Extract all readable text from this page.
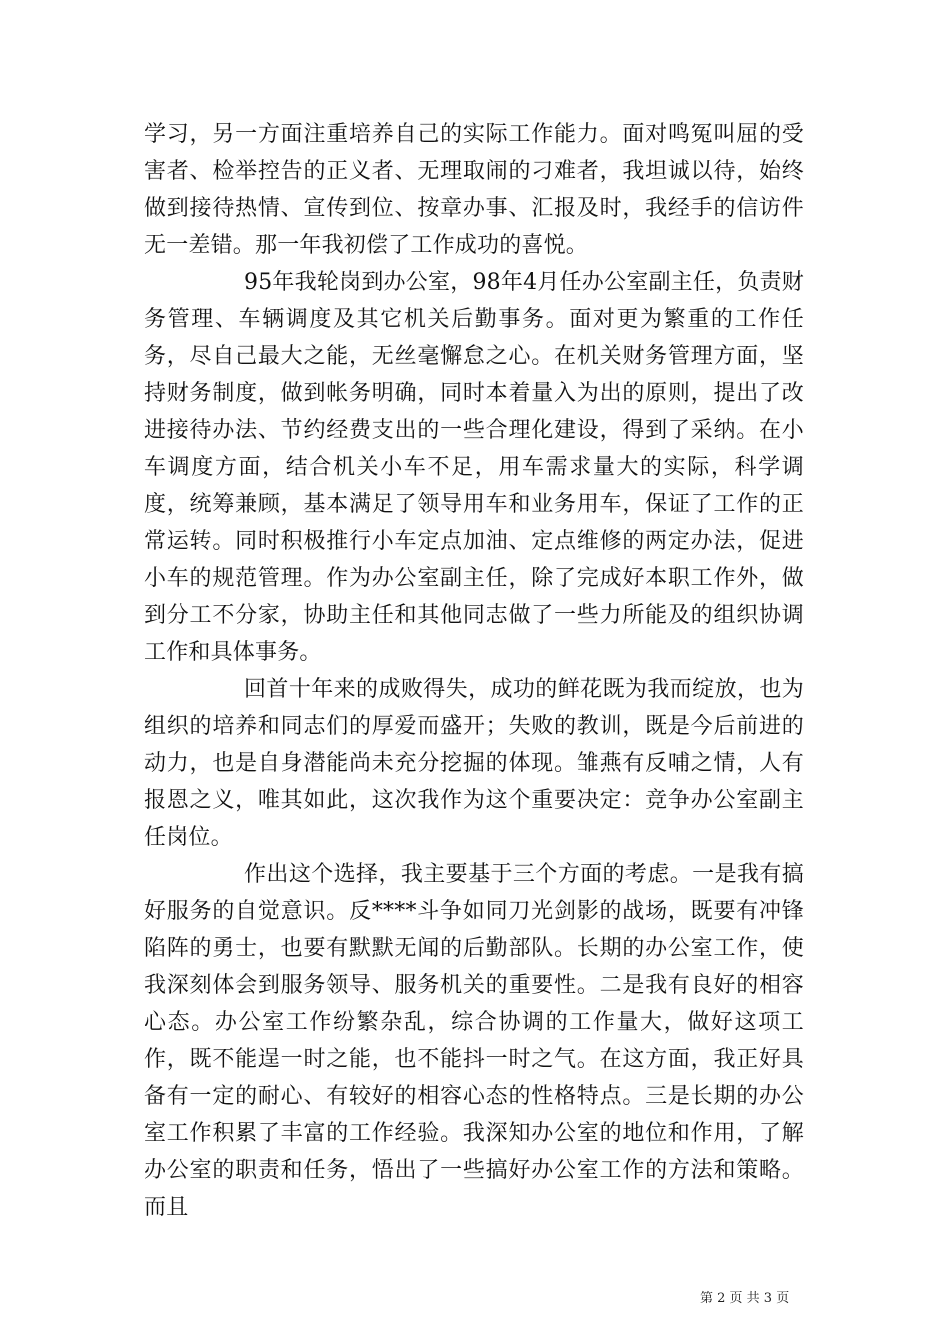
学习，另一方面注重培养自己的实际工作能力。面对鸣冤叫屈的受害者、检举控告的正义者、无理取闹的刁难者，我坦诚以待，始终做到接待热情、宣传到位、按章办事、汇报及时，我经手的信访件无一差错。那一年我初偿了工作成功的喜悦。

95年我轮岗到办公室，98年4月任办公室副主任，负责财务管理、车辆调度及其它机关后勤事务。面对更为繁重的工作任务，尽自己最大之能，无丝毫懈怠之心。在机关财务管理方面，坚持财务制度，做到帐务明确，同时本着量入为出的原则，提出了改进接待办法、节约经费支出的一些合理化建设，得到了采纳。在小车调度方面，结合机关小车不足，用车需求量大的实际，科学调度，统筹兼顾，基本满足了领导用车和业务用车，保证了工作的正常运转。同时积极推行小车定点加油、定点维修的两定办法，促进小车的规范管理。作为办公室副主任，除了完成好本职工作外，做到分工不分家，协助主任和其他同志做了一些力所能及的组织协调工作和具体事务。

回首十年来的成败得失，成功的鲜花既为我而绽放，也为组织的培养和同志们的厚爱而盛开；失败的教训，既是今后前进的动力，也是自身潜能尚未充分挖掘的体现。雏燕有反哺之情，人有报恩之义，唯其如此，这次我作为这个重要决定：竞争办公室副主任岗位。

作出这个选择，我主要基于三个方面的考虑。一是我有搞好服务的自觉意识。反****斗争如同刀光剑影的战场，既要有冲锋陷阵的勇士，也要有默默无闻的后勤部队。长期的办公室工作，使我深刻体会到服务领导、服务机关的重要性。二是我有良好的相容心态。办公室工作纷繁杂乱，综合协调的工作量大，做好这项工作，既不能逞一时之能，也不能抖一时之气。在这方面，我正好具备有一定的耐心、有较好的相容心态的性格特点。三是长期的办公室工作积累了丰富的工作经验。我深知办公室的地位和作用，了解办公室的职责和任务，悟出了一些搞好办公室工作的方法和策略。而且

第 2 页 共 3 页
